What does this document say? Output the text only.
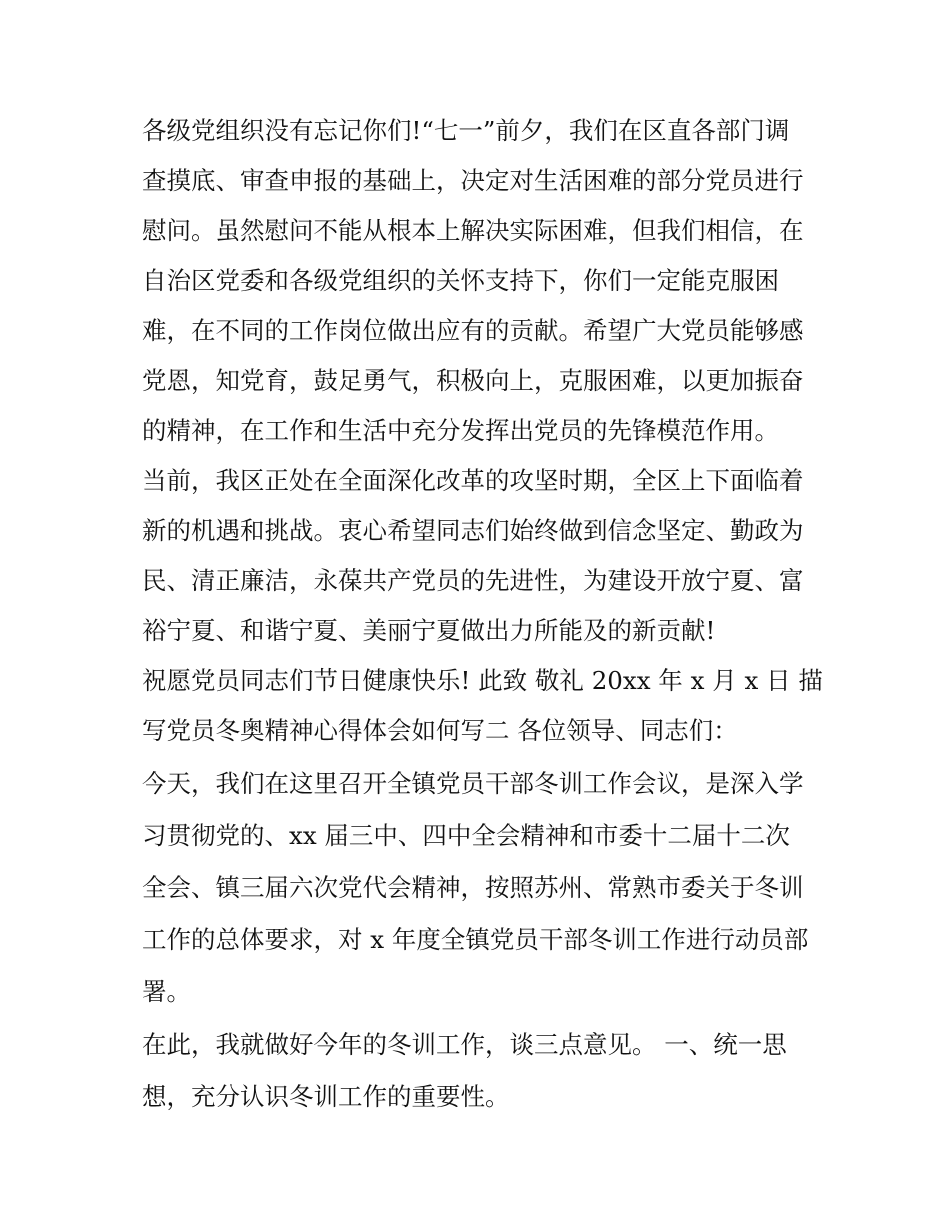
各级党组织没有忘记你们!“七一”前夕，我们在区直各部门调
查摸底、审查申报的基础上，决定对生活困难的部分党员进行
慰问。虽然慰问不能从根本上解决实际困难，但我们相信，在
自治区党委和各级党组织的关怀支持下，你们一定能克服困
难，在不同的工作岗位做出应有的贡献。希望广大党员能够感
党恩，知党育，鼓足勇气，积极向上，克服困难，以更加振奋
的精神，在工作和生活中充分发挥出党员的先锋模范作用。
当前，我区正处在全面深化改革的攻坚时期，全区上下面临着
新的机遇和挑战。衷心希望同志们始终做到信念坚定、勤政为
民、清正廉洁，永葆共产党员的先进性，为建设开放宁夏、富
裕宁夏、和谐宁夏、美丽宁夏做出力所能及的新贡献!
祝愿党员同志们节日健康快乐! 此致 敬礼 20xx 年 x 月 x 日 描
写党员冬奥精神心得体会如何写二 各位领导、同志们：
今天，我们在这里召开全镇党员干部冬训工作会议，是深入学
习贯彻党的、xx 届三中、四中全会精神和市委十二届十二次
全会、镇三届六次党代会精神，按照苏州、常熟市委关于冬训
工作的总体要求，对 x 年度全镇党员干部冬训工作进行动员部
署。
在此，我就做好今年的冬训工作，谈三点意见。 一、统一思
想，充分认识冬训工作的重要性。
